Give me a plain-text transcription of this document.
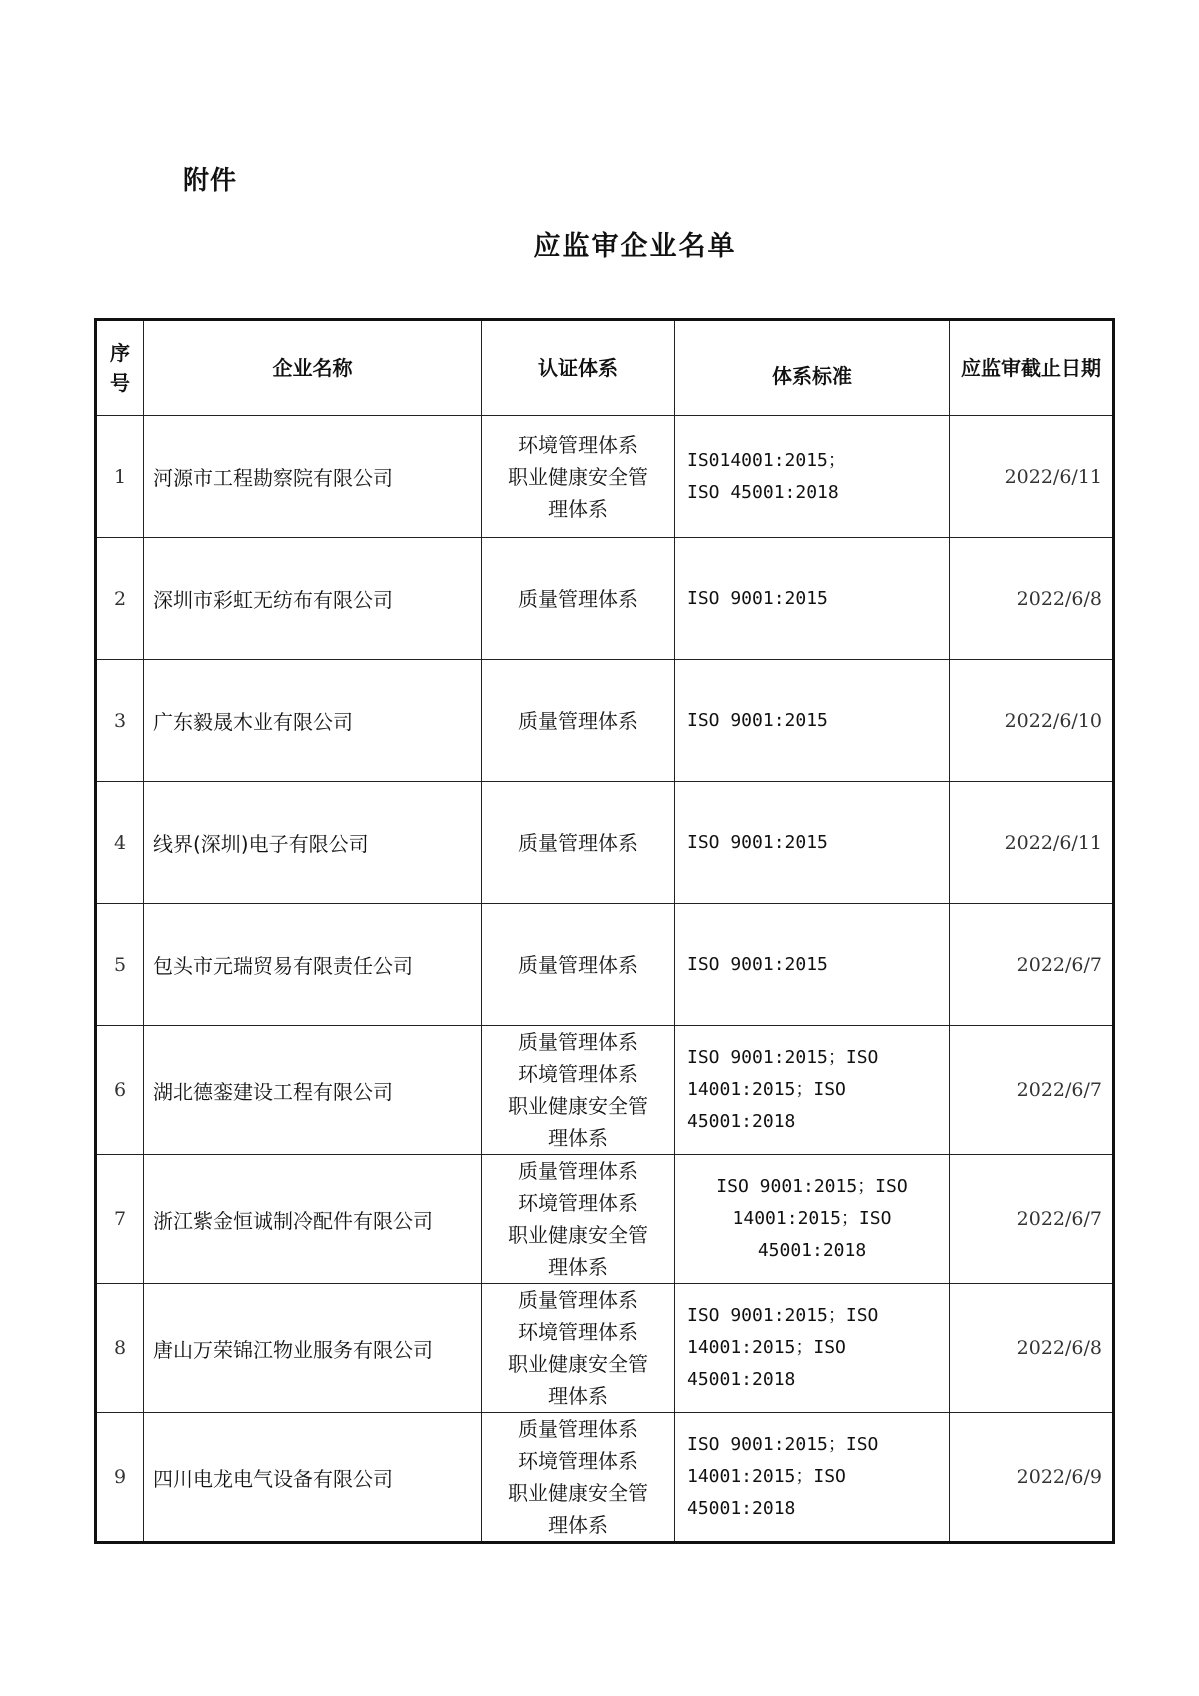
附件
应监审企业名单
序
号	企业名称	认证体系	体系标准	应监审截止日期
1	河源市工程勘察院有限公司	环境管理体系
职业健康安全管
理体系	IS014001:2015；
ISO 45001:2018	2022/6/11
2	深圳市彩虹无纺布有限公司	质量管理体系	ISO 9001:2015	2022/6/8
3	广东毅晟木业有限公司	质量管理体系	ISO 9001:2015	2022/6/10
4	线界(深圳)电子有限公司	质量管理体系	ISO 9001:2015	2022/6/11
5	包头市元瑞贸易有限责任公司	质量管理体系	ISO 9001:2015	2022/6/7
6	湖北德銮建设工程有限公司	质量管理体系
环境管理体系
职业健康安全管
理体系	ISO 9001:2015；ISO
14001:2015；ISO
45001:2018	2022/6/7
7	浙江紫金恒诚制冷配件有限公司	质量管理体系
环境管理体系
职业健康安全管
理体系	ISO 9001:2015；ISO
14001:2015；ISO
45001:2018	2022/6/7
8	唐山万荣锦江物业服务有限公司	质量管理体系
环境管理体系
职业健康安全管
理体系	ISO 9001:2015；ISO
14001:2015；ISO
45001:2018	2022/6/8
9	四川电龙电气设备有限公司	质量管理体系
环境管理体系
职业健康安全管
理体系	ISO 9001:2015；ISO
14001:2015；ISO
45001:2018	2022/6/9
